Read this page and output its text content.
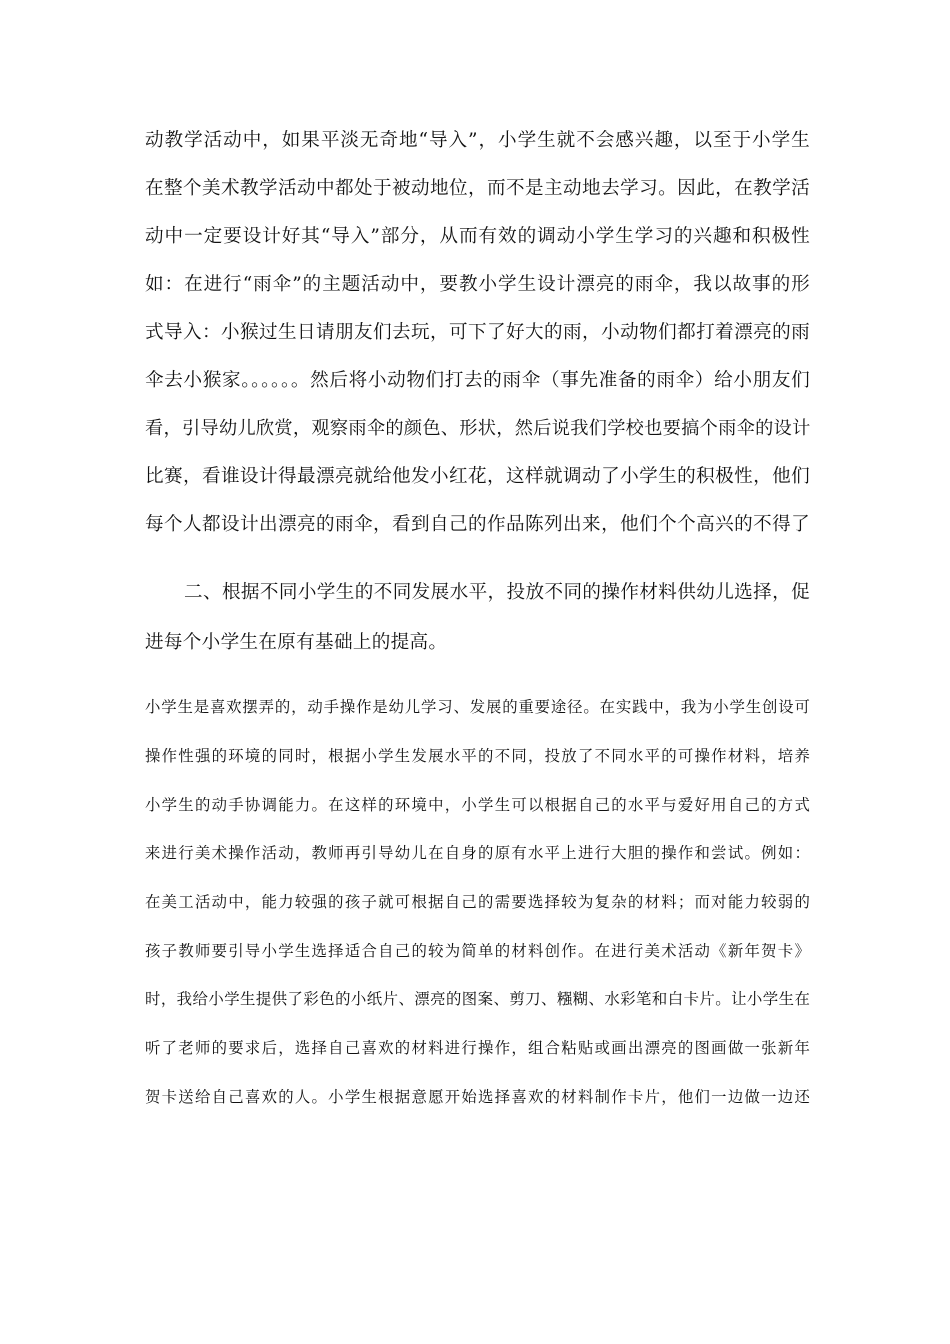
动教学活动中，如果平淡无奇地“导入”，小学生就不会感兴趣，以至于小学生
在整个美术教学活动中都处于被动地位，而不是主动地去学习。因此，在教学活
动中一定要设计好其“导入”部分，从而有效的调动小学生学习的兴趣和积极性
如：在进行“雨伞”的主题活动中，要教小学生设计漂亮的雨伞，我以故事的形
式导入：小猴过生日请朋友们去玩，可下了好大的雨，小动物们都打着漂亮的雨
伞去小猴家。。。。。。然后将小动物们打去的雨伞（事先准备的雨伞）给小朋友们
看，引导幼儿欣赏，观察雨伞的颜色、形状，然后说我们学校也要搞个雨伞的设计
比赛，看谁设计得最漂亮就给他发小红花，这样就调动了小学生的积极性，他们
每个人都设计出漂亮的雨伞，看到自己的作品陈列出来，他们个个高兴的不得了
二、根据不同小学生的不同发展水平，投放不同的操作材料供幼儿选择，促
进每个小学生在原有基础上的提高。
小学生是喜欢摆弄的，动手操作是幼儿学习、发展的重要途径。在实践中，我为小学生创设可
操作性强的环境的同时，根据小学生发展水平的不同，投放了不同水平的可操作材料，培养
小学生的动手协调能力。在这样的环境中，小学生可以根据自己的水平与爱好用自己的方式
来进行美术操作活动，教师再引导幼儿在自身的原有水平上进行大胆的操作和尝试。例如：
在美工活动中，能力较强的孩子就可根据自己的需要选择较为复杂的材料；而对能力较弱的
孩子教师要引导小学生选择适合自己的较为简单的材料创作。在进行美术活动《新年贺卡》
时，我给小学生提供了彩色的小纸片、漂亮的图案、剪刀、糨糊、水彩笔和白卡片。让小学生在
听了老师的要求后，选择自己喜欢的材料进行操作，组合粘贴或画出漂亮的图画做一张新年
贺卡送给自己喜欢的人。小学生根据意愿开始选择喜欢的材料制作卡片，他们一边做一边还
